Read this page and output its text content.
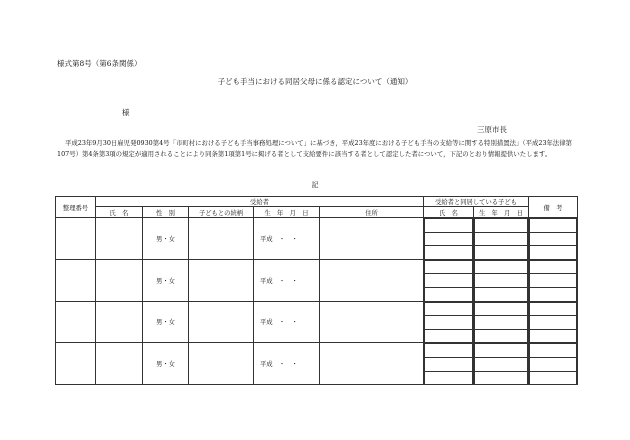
様式第8号（第6条関係）
子ども手当における同居父母に係る認定について（通知）
様
三原市長
平成23年9月30日雇児発0930第4号「市町村における子ども手当事務処理について」に基づき，平成23年度における子ども手当の支給等に関する特別措置法」（平成23年法律第107号）第4条第3項の規定が適用されることにより同条第1項第1号に掲げる者として支給要件に該当する者として認定した者について，下記のとおり情報提供いたします。
記
整理番号	受給者	受給者と同居している子ども	備　考
氏　名	性　別	子どもとの続柄	生　年　月　日	住所	氏　名	生　年　月　日
		男・女		平成　・　・		

		男・女		平成　・　・		

		男・女		平成　・　・		

		男・女		平成　・　・		
